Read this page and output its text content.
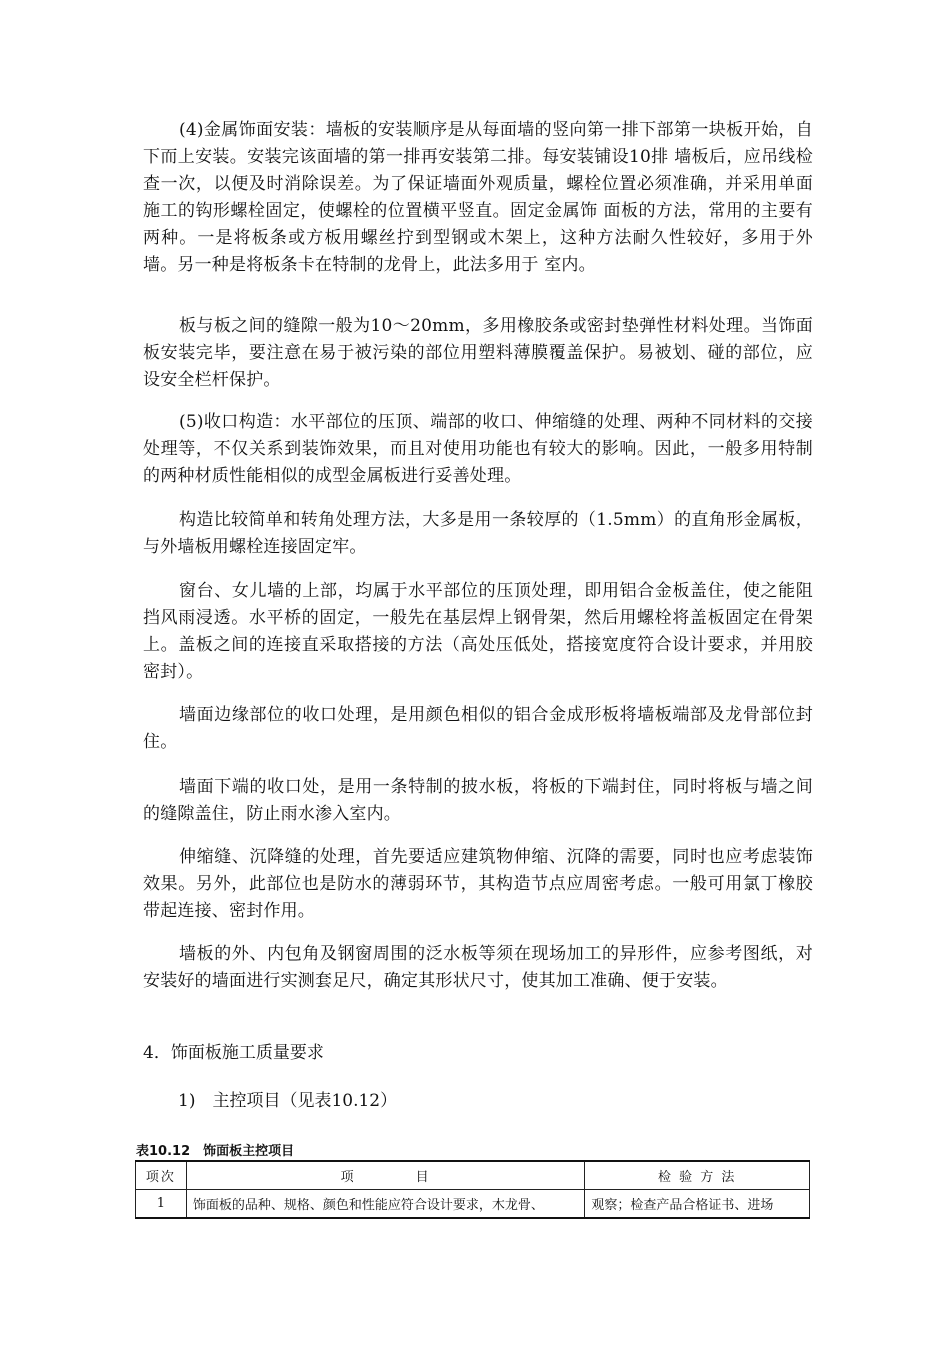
(4)金属饰面安装：墙板的安装顺序是从每面墙的竖向第一排下部第一块板开始，自下而上安装。安装完该面墙的第一排再安装第二排。每安装铺设10排 墙板后，应吊线检查一次，以便及时消除误差。为了保证墙面外观质量，螺栓位置必须准确，并采用单面施工的钩形螺栓固定，使螺栓的位置横平竖直。固定金属饰 面板的方法，常用的主要有两种。一是将板条或方板用螺丝拧到型钢或木架上，这种方法耐久性较好，多用于外墙。另一种是将板条卡在特制的龙骨上，此法多用于 室内。

板与板之间的缝隙一般为10～20mm，多用橡胶条或密封垫弹性材料处理。当饰面板安装完毕，要注意在易于被污染的部位用塑料薄膜覆盖保护。易被划、碰的部位，应设安全栏杆保护。

(5)收口构造：水平部位的压顶、端部的收口、伸缩缝的处理、两种不同材料的交接处理等，不仅关系到装饰效果，而且对使用功能也有较大的影响。因此，一般多用特制的两种材质性能相似的成型金属板进行妥善处理。

构造比较简单和转角处理方法，大多是用一条较厚的（1.5mm）的直角形金属板，与外墙板用螺栓连接固定牢。

窗台、女儿墙的上部，均属于水平部位的压顶处理，即用铝合金板盖住，使之能阻挡风雨浸透。水平桥的固定，一般先在基层焊上钢骨架，然后用螺栓将盖板固定在骨架上。盖板之间的连接直采取搭接的方法（高处压低处，搭接宽度符合设计要求，并用胶密封）。

墙面边缘部位的收口处理，是用颜色相似的铝合金成形板将墙板端部及龙骨部位封住。

墙面下端的收口处，是用一条特制的披水板，将板的下端封住，同时将板与墙之间的缝隙盖住，防止雨水渗入室内。

伸缩缝、沉降缝的处理，首先要适应建筑物伸缩、沉降的需要，同时也应考虑装饰效果。另外，此部位也是防水的薄弱环节，其构造节点应周密考虑。一般可用氯丁橡胶带起连接、密封作用。

墙板的外、内包角及钢窗周围的泛水板等须在现场加工的异形件，应参考图纸，对安装好的墙面进行实测套足尺，确定其形状尺寸，使其加工准确、便于安装。

4．饰面板施工质量要求

1)　主控项目（见表10.12）

表10.12　饰面板主控项目
项次	项　　　　目	检 验 方 法
1	饰面板的品种、规格、颜色和性能应符合设计要求，木龙骨、	观察；检查产品合格证书、进场
